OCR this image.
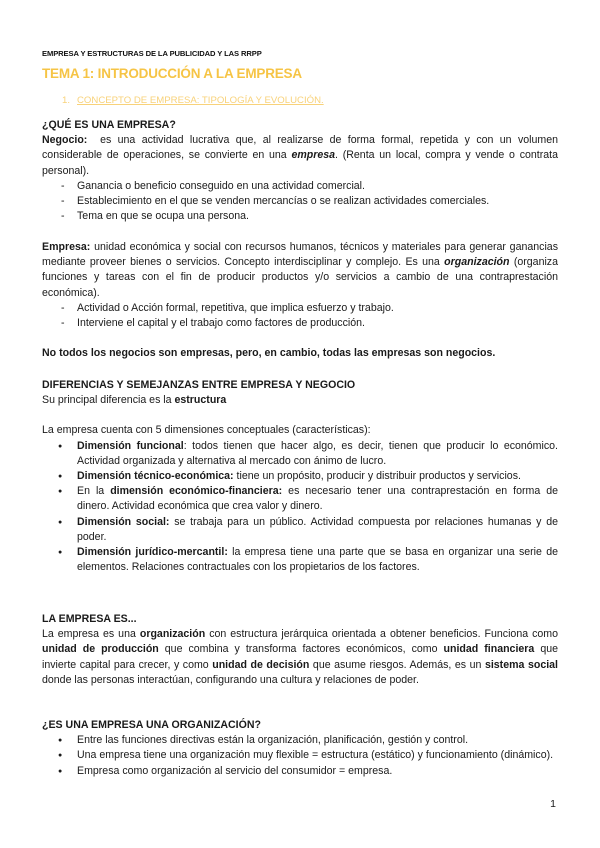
EMPRESA Y ESTRUCTURAS DE LA PUBLICIDAD Y LAS RRPP
TEMA 1: INTRODUCCIÓN A LA EMPRESA
1. CONCEPTO DE EMPRESA: TIPOLOGÍA Y EVOLUCIÓN.
¿QUÉ ES UNA EMPRESA?
Negocio:  es una actividad lucrativa que, al realizarse de forma formal, repetida y con un volumen considerable de operaciones, se convierte en una empresa. (Renta un local, compra y vende o contrata personal).
- Ganancia o beneficio conseguido en una actividad comercial.
- Establecimiento en el que se venden mercancías o se realizan actividades comerciales.
- Tema en que se ocupa una persona.
Empresa: unidad económica y social con recursos humanos, técnicos y materiales para generar ganancias mediante proveer bienes o servicios. Concepto interdisciplinar y complejo. Es una organización (organiza funciones y tareas con el fin de producir productos y/o servicios a cambio de una contraprestación económica).
- Actividad o Acción formal, repetitiva, que implica esfuerzo y trabajo.
- Interviene el capital y el trabajo como factores de producción.
No todos los negocios son empresas, pero, en cambio, todas las empresas son negocios.
DIFERENCIAS Y SEMEJANZAS ENTRE EMPRESA Y NEGOCIO
Su principal diferencia es la estructura
La empresa cuenta con 5 dimensiones conceptuales (características):
● Dimensión funcional: todos tienen que hacer algo, es decir, tienen que producir lo económico. Actividad organizada y alternativa al mercado con ánimo de lucro.
● Dimensión técnico-económica: tiene un propósito, producir y distribuir productos y servicios.
● En la dimensión económico-financiera: es necesario tener una contraprestación en forma de dinero. Actividad económica que crea valor y dinero.
● Dimensión social: se trabaja para un público. Actividad compuesta por relaciones humanas y de poder.
● Dimensión jurídico-mercantil: la empresa tiene una parte que se basa en organizar una serie de elementos. Relaciones contractuales con los propietarios de los factores.
LA EMPRESA ES...
La empresa es una organización con estructura jerárquica orientada a obtener beneficios. Funciona como unidad de producción que combina y transforma factores económicos, como unidad financiera que invierte capital para crecer, y como unidad de decisión que asume riesgos. Además, es un sistema social donde las personas interactúan, configurando una cultura y relaciones de poder.
¿ES UNA EMPRESA UNA ORGANIZACIÓN?
● Entre las funciones directivas están la organización, planificación, gestión y control.
● Una empresa tiene una organización muy flexible = estructura (estático) y funcionamiento (dinámico).
● Empresa como organización al servicio del consumidor = empresa.
1
